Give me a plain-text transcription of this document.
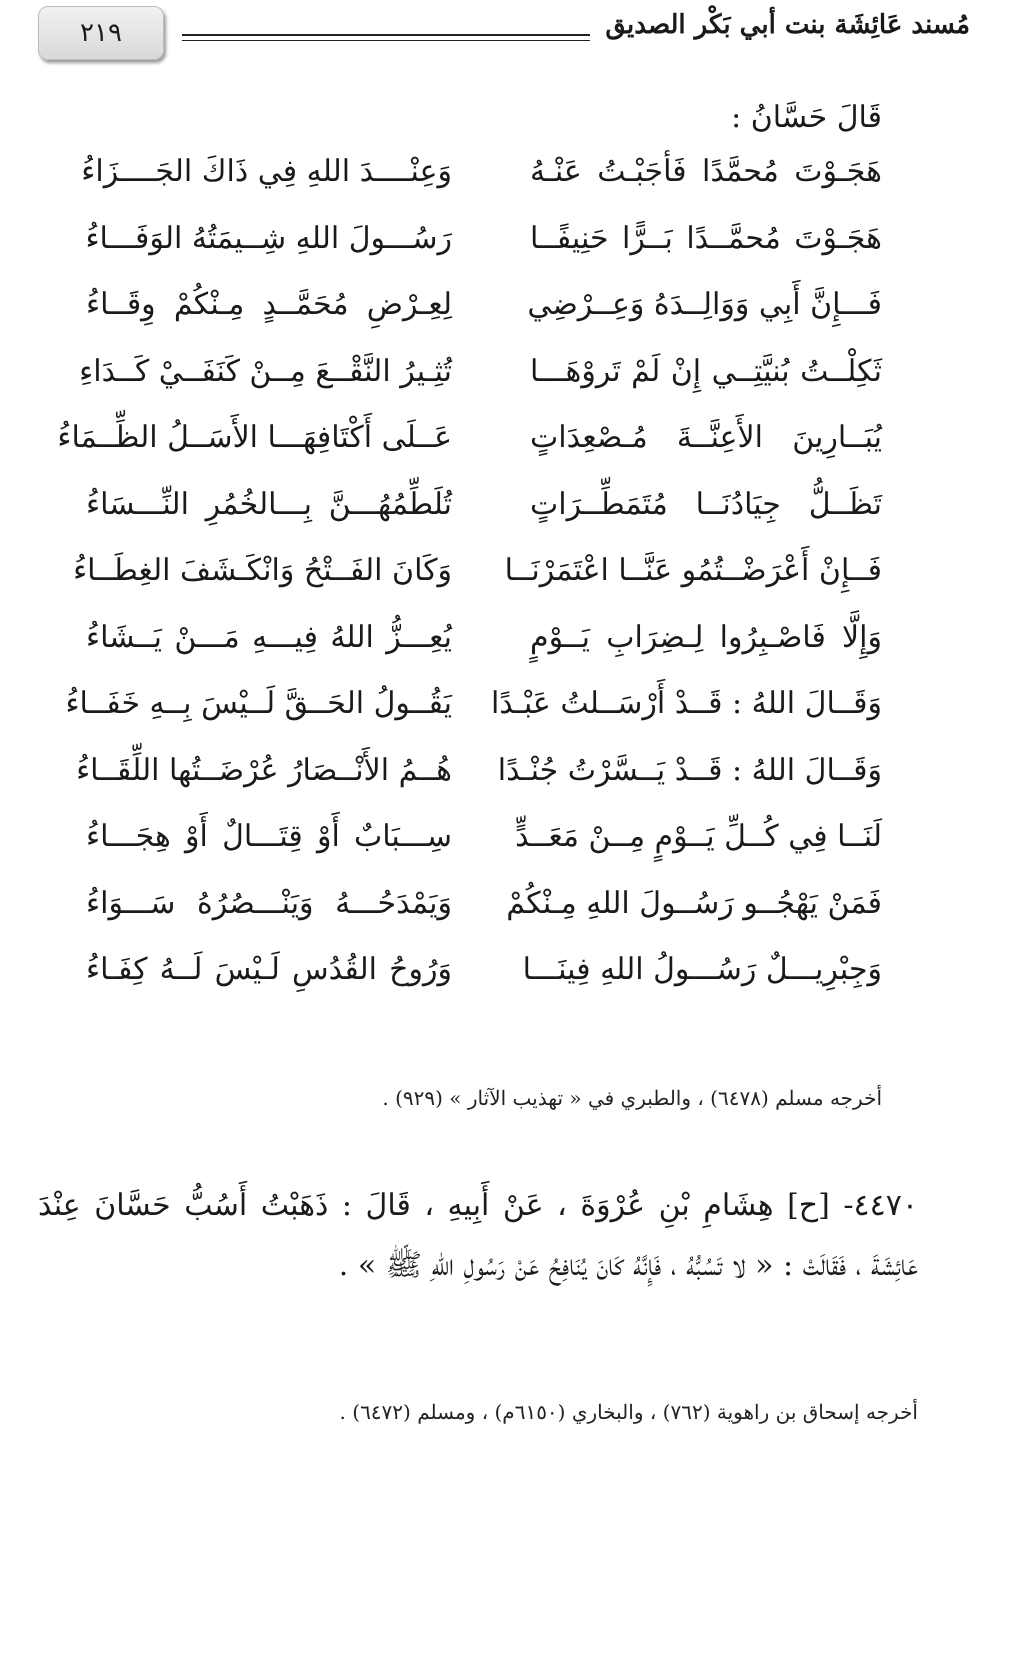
٢١٩	مُسند عَائِشَة بنت أبي بَكْر الصديق
قَالَ حَسَّانُ :
هَجَـوْتَ مُحمَّدًا فَأجَبْـتُ عَنْـهُ
وَعِنْــــدَ اللهِ فِي ذَاكَ الجَــــزَاءُ
هَجَـوْتَ مُحمَّــدًا بَــرًّا حَنِيفًــا
رَسُـــولَ اللهِ شِــيمَتُهُ الوَفَـــاءُ
فَـــإِنَّ أَبِي وَوَالِــدَهُ وَعِــرْضِي
لِعِـرْضِ مُحَمَّــدٍ مِـنْكُمْ وِقَــاءُ
ثَكِلْــتُ بُنيَّتِــي إِنْ لَمْ تَروْهَـــا
تُثِـيرُ النَّقْــعَ مِــنْ كَنَفَــيْ كَــدَاءِ
يُبَــارِينَ الأَعِنَّــةَ مُـصْعِدَاتٍ
عَــلَى أَكْتَافِهَـــا الأَسَــلُ الظِّــمَاءُ
تَظَــلُّ جِيَادُنَــا مُتَمَطِّــرَاتٍ
تُلَطِّمُهُـــنَّ بِـــالخُمُرِ النِّـــسَاءُ
فَــإِنْ أَعْرَضْــتُمُو عَنَّــا اعْتَمَرْنَــا
وَكَانَ الفَــتْحُ وَانْكَـشَفَ الغِطَــاءُ
وَإِلَّا فَاصْـبِرُوا لِـضِرَابِ يَــوْمٍ
يُعِـــزُّ اللهُ فِيـــهِ مَـــنْ يَــشَاءُ
وَقَــالَ اللهُ : قَــدْ أَرْسَــلتُ عَبْـدًا
يَقُــولُ الحَــقَّ لَــيْسَ بِــهِ خَفَــاءُ
وَقَــالَ اللهُ : قَــدْ يَــسَّرْتُ جُنْـدًا
هُــمُ الأَنْــصَارُ عُرْضَــتُها اللِّقَــاءُ
لَنَــا فِي كُــلِّ يَــوْمٍ مِــنْ مَعَــدٍّ
سِـــبَابٌ أَوْ قِتَـــالٌ أَوْ هِجَـــاءُ
فَمَنْ يَهْجُــو رَسُــولَ اللهِ مِـنْكُمْ
وَيَمْدَحُـــهُ وَيَنْـــصُرُهُ سَـــوَاءُ
وَجِبْرِيـــلٌ رَسُـــولُ اللهِ فِينَـــا
وَرُوحُ القُدُسِ لَـيْسَ لَــهُ كِفَـاءُ
أخرجه مسلم (٦٤٧٨) ، والطبري في « تهذيب الآثار » (٩٢٩) .
٤٤٧٠- [ح] هِشَامِ بْنِ عُرْوَةَ ، عَنْ أَبِيهِ ، قَالَ : ذَهَبْتُ أَسُبُّ حَسَّانَ عِنْدَ
عَائِشَةَ ، فَقَالَتْ : « لا تَسُبُّهُ ، فَإِنَّهُ كَانَ يُنَافِحُ عَنْ رَسُولِ اللهِ ﷺ » .
أخرجه إسحاق بن راهوية (٧٦٢) ، والبخاري (٦١٥٠م) ، ومسلم (٦٤٧٢) .
